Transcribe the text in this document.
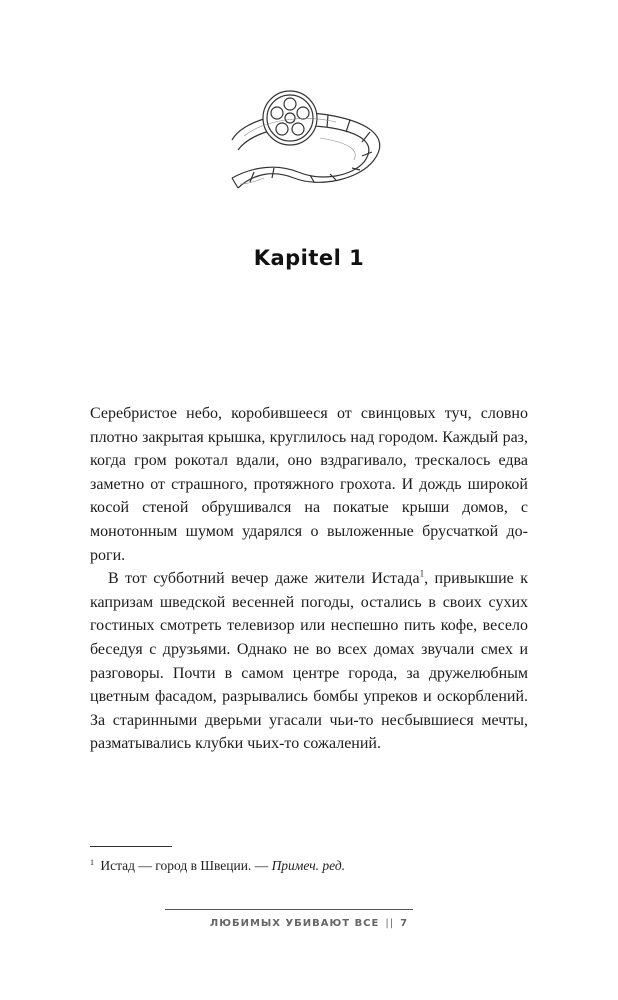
Kapitel 1

Серебристое небо, коробившееся от свинцовых туч, словно плотно закрытая крышка, круглилось над городом. Каждый раз, когда гром рокотал вдали, оно вздрагивало, трескалось едва заметно от страшного, протяжного грохота. И дождь широкой косой стеной обрушивался на покатые крыши домов, с монотонным шумом ударялся о выложенные брусчаткой дороги.

В тот субботний вечер даже жители Истада$^1$, привыкшие к капризам шведской весенней погоды, остались в своих сухих гостиных смотреть телевизор или неспешно пить кофе, весело беседуя с друзьями. Однако не во всех домах звучали смех и разговоры. Почти в самом центре города, за дружелюбным цветным фасадом, разрывались бомбы упреков и оскорблений. За старинными дверьми угасали чьи-то несбывшиеся мечты, разматывались клубки чьих-то сожалений.

$^1$ Истад — город в Швеции. — Примеч. ред.
ЛЮБИМЫХ УБИВАЮТ ВСЕ || 7
